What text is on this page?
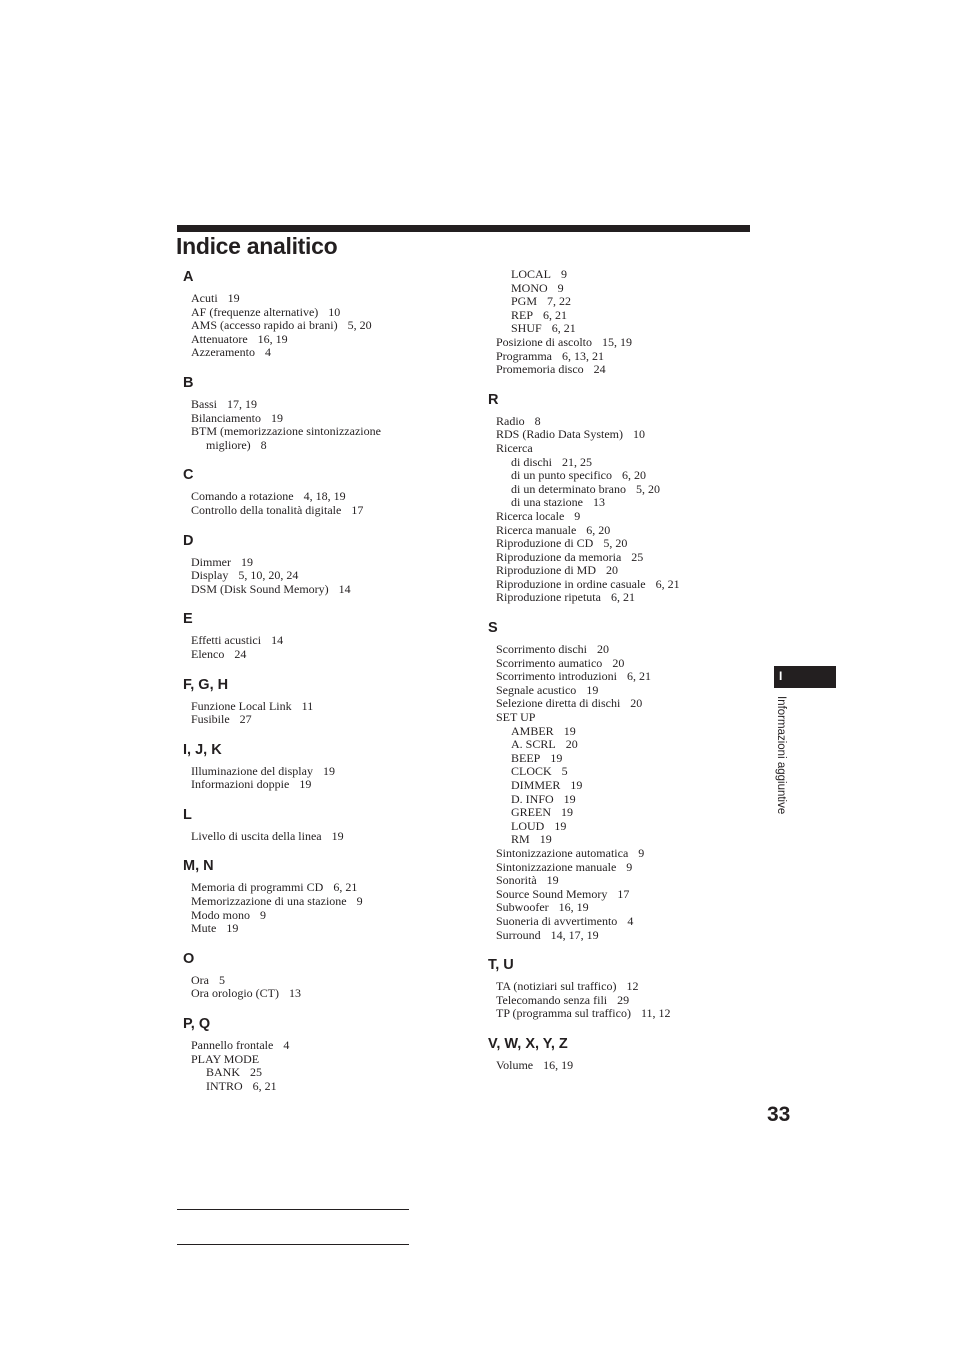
Indice analitico
A
Acuti 19
AF (frequenze alternative) 10
AMS (accesso rapido ai brani) 5, 20
Attenuatore 16, 19
Azzeramento 4
B
Bassi 17, 19
Bilanciamento 19
BTM (memorizzazione sintonizzazione
migliore) 8
C
Comando a rotazione 4, 18, 19
Controllo della tonalità digitale 17
D
Dimmer 19
Display 5, 10, 20, 24
DSM (Disk Sound Memory) 14
E
Effetti acustici 14
Elenco 24
F, G, H
Funzione Local Link 11
Fusibile 27
I, J, K
Illuminazione del display 19
Informazioni doppie 19
L
Livello di uscita della linea 19
M, N
Memoria di programmi CD 6, 21
Memorizzazione di una stazione 9
Modo mono 9
Mute 19
O
Ora 5
Ora orologio (CT) 13
P, Q
Pannello frontale 4
PLAY MODE
BANK 25
INTRO 6, 21
LOCAL 9
MONO 9
PGM 7, 22
REP 6, 21
SHUF 6, 21
Posizione di ascolto 15, 19
Programma 6, 13, 21
Promemoria disco 24
R
Radio 8
RDS (Radio Data System) 10
Ricerca
di dischi 21, 25
di un punto specifico 6, 20
di un determinato brano 5, 20
di una stazione 13
Ricerca locale 9
Ricerca manuale 6, 20
Riproduzione di CD 5, 20
Riproduzione da memoria 25
Riproduzione di MD 20
Riproduzione in ordine casuale 6, 21
Riproduzione ripetuta 6, 21
S
Scorrimento dischi 20
Scorrimento aumatico 20
Scorrimento introduzioni 6, 21
Segnale acustico 19
Selezione diretta di dischi 20
SET UP
AMBER 19
A. SCRL 20
BEEP 19
CLOCK 5
DIMMER 19
D. INFO 19
GREEN 19
LOUD 19
RM 19
Sintonizzazione automatica 9
Sintonizzazione manuale 9
Sonorità 19
Source Sound Memory 17
Subwoofer 16, 19
Suoneria di avvertimento 4
Surround 14, 17, 19
T, U
TA (notiziari sul traffico) 12
Telecomando senza fili 29
TP (programma sul traffico) 11, 12
V, W, X, Y, Z
Volume 16, 19
I
Informazioni aggiuntive
33
